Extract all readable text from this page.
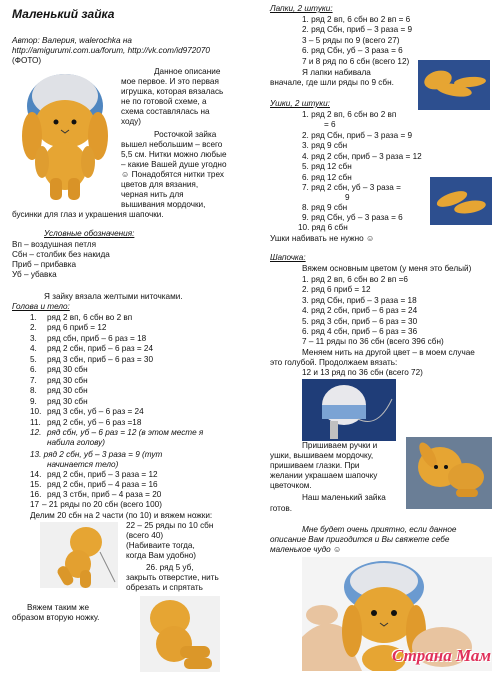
Маленький зайка
Автор: Валерия, walerochka на
http://amigurumi.com.ua/forum, http://vk.com/id972070
(ФОТО)
Данное описание
мое первое. И это первая
игрушка, которая вязалась
не по готовой схеме, а
схема составлялась на
ходу)
Росточкой зайка
вышел небольшим – всего
5,5 см. Нитки можно любые
– какие Вашей душе угодно
☺ Понадобятся нитки трех
цветов для вязания,
черная нить для
вышивания мордочки,
бусинки для глаз и украшения шапочки.
Условные обозначения:
Вп – воздушная петля
Сбн – столбик без накида
Приб – прибавка
Уб – убавка
Я зайку вязала желтыми ниточками.
Голова и тело:
1. ряд 2 вп, 6 сбн во 2 вп
2. ряд 6 приб = 12
3. ряд сбн, приб – 6 раз = 18
4. ряд 2 сбн, приб – 6 раз = 24
5. ряд 3 сбн, приб – 6 раз = 30
6. ряд 30 сбн
7. ряд 30 сбн
8. ряд 30 сбн
9. ряд 30 сбн
10. ряд 3 сбн, уб – 6 раз = 24
11. ряд 2 сбн, уб – 6 раз =18
12. ряд сбн, уб – 6 раз = 12 (в этом месте я
набила голову)
13. ряд 2 сбн, уб – 3 раза = 9 (тут
начинается тело)
14. ряд 2 сбн, приб – 3 раза = 12
15. ряд 2 сбн, приб – 4 раза = 16
16. ряд 3 стбн, приб – 4 раза = 20
17 – 21 ряды по 20 сбн (всего 100)
Делим 20 сбн на 2 части (по 10) и вяжем ножки:
22 – 25 ряды по 10 сбн
(всего 40)
(Набиваите тогда,
когда Вам удобно)
26. ряд 5 уб,
закрыть отверстие, нить
обрезать и спрятать
Вяжем таким же
образом вторую ножку.
Лапки, 2 штуки:
1. ряд 2 вп, 6 сбн во 2 вп = 6
2. ряд Сбн, приб – 3 раза = 9
3 – 5 ряды по 9 (всего 27)
6. ряд Сбн, уб – 3 раза = 6
7 и 8 ряд по 6 сбн (всего 12)
Я лапки набивала
вначале, где шли ряды по 9 сбн.
Ушки, 2 штуки:
1. ряд 2 вп, 6 сбн во 2 вп
= 6
2. ряд Сбн, приб – 3 раза = 9
3. ряд 9 сбн
4. ряд 2 сбн, приб – 3 раза = 12
5. ряд 12 сбн
6. ряд 12 сбн
7. ряд 2 сбн, уб – 3 раза =
9
8. ряд 9 сбн
9. ряд Сбн, уб – 3 раза = 6
10. ряд 6 сбн
Ушки набивать не нужно ☺
Шапочка:
Вяжем основным цветом (у меня это белый)
1. ряд 2 вп, 6 сбн во 2 вп =6
2. ряд 6 приб = 12
3. ряд Сбн, приб – 3 раза = 18
4. ряд 2 сбн, приб – 6 раз = 24
5. ряд 3 сбн, приб – 6 раз = 30
6. ряд 4 сбн, приб – 6 раз = 36
7 – 11 ряды по 36 сбн (всего 396 сбн)
Меняем нить на другой цвет – в моем случае
это голубой. Продолжаем вязать:
12 и 13 ряд по 36 сбн (всего 72)
Пришиваем ручки и
ушки, вышиваем мордочку,
пришиваем глазки. При
желании украшаем шапочку
цветочком.
Наш маленький зайка
готов.
Мне будет очень приятно, если данное
описание Вам пригодится и Вы свяжете себе
маленькое чудо ☺
Страна Мам
